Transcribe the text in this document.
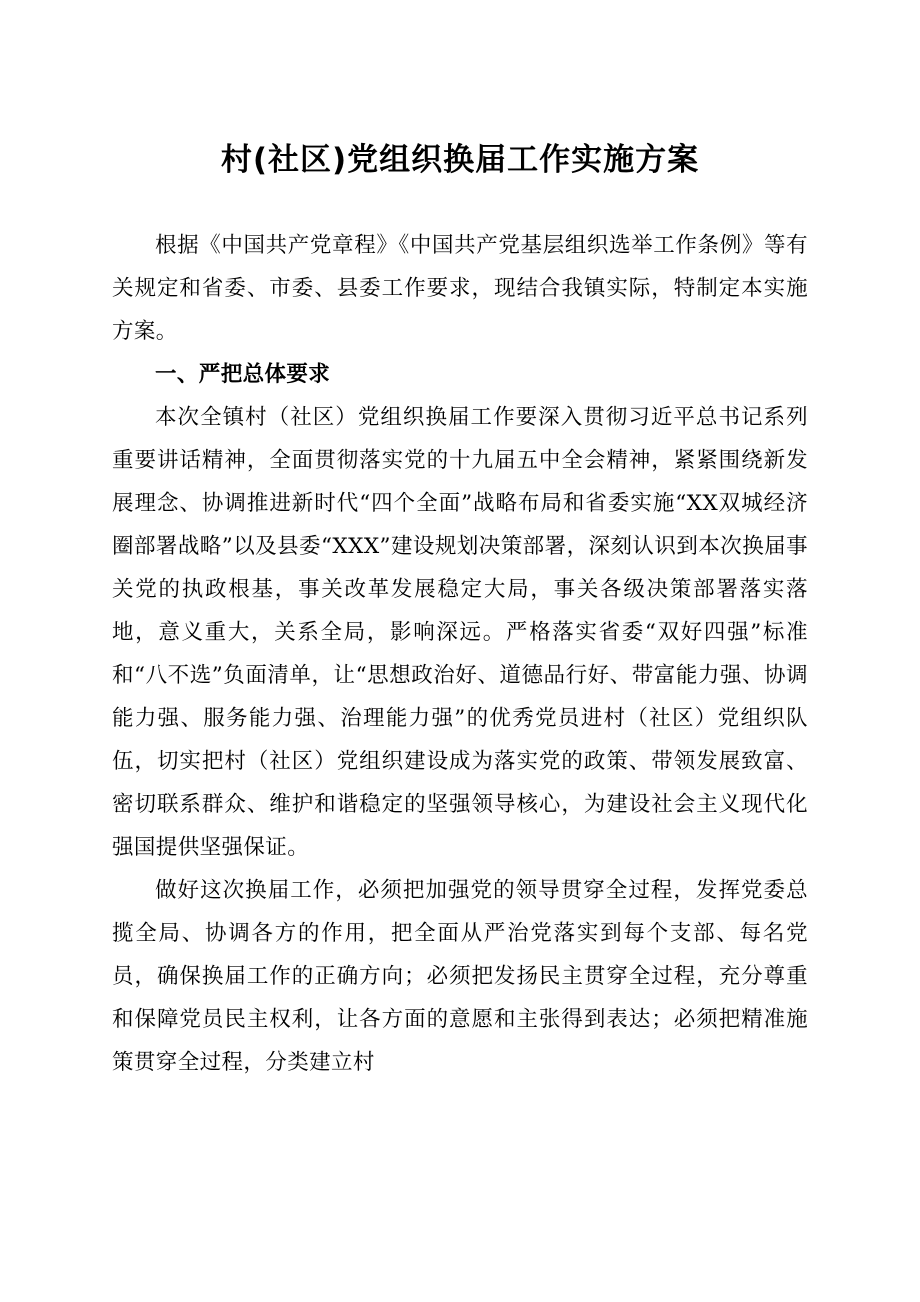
村(社区)党组织换届工作实施方案

根据《中国共产党章程》《中国共产党基层组织选举工作条例》等有关规定和省委、市委、县委工作要求，现结合我镇实际，特制定本实施方案。

一、严把总体要求

本次全镇村（社区）党组织换届工作要深入贯彻习近平总书记系列重要讲话精神，全面贯彻落实党的十九届五中全会精神，紧紧围绕新发展理念、协调推进新时代“四个全面”战略布局和省委实施“XX双城经济圈部署战略”以及县委“XXX”建设规划决策部署，深刻认识到本次换届事关党的执政根基，事关改革发展稳定大局，事关各级决策部署落实落地，意义重大，关系全局，影响深远。严格落实省委“双好四强”标准和“八不选”负面清单，让“思想政治好、道德品行好、带富能力强、协调能力强、服务能力强、治理能力强”的优秀党员进村（社区）党组织队伍，切实把村（社区）党组织建设成为落实党的政策、带领发展致富、密切联系群众、维护和谐稳定的坚强领导核心，为建设社会主义现代化强国提供坚强保证。

做好这次换届工作，必须把加强党的领导贯穿全过程，发挥党委总揽全局、协调各方的作用，把全面从严治党落实到每个支部、每名党员，确保换届工作的正确方向；必须把发扬民主贯穿全过程，充分尊重和保障党员民主权利，让各方面的意愿和主张得到表达；必须把精准施策贯穿全过程，分类建立村
